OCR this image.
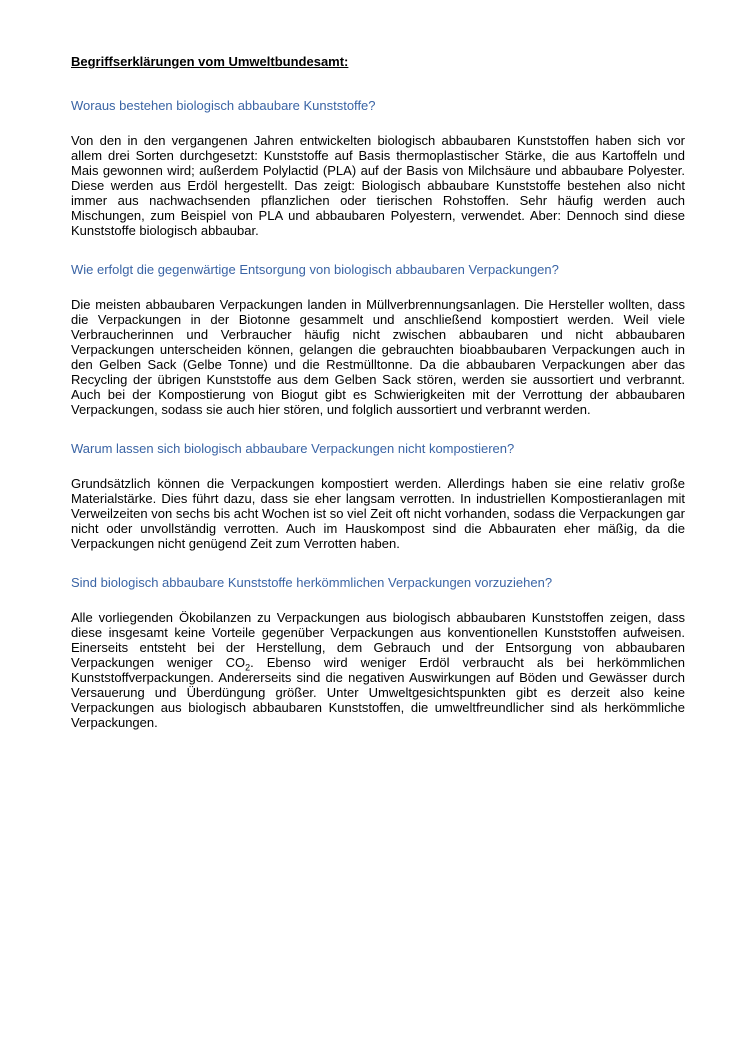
Begriffserklärungen vom Umweltbundesamt:

Woraus bestehen biologisch abbaubare Kunststoffe?

Von den in den vergangenen Jahren entwickelten biologisch abbaubaren Kunststoffen haben sich vor allem drei Sorten durchgesetzt: Kunststoffe auf Basis thermoplastischer Stärke, die aus Kartoffeln und Mais gewonnen wird; außerdem Polylactid (PLA) auf der Basis von Milchsäure und abbaubare Polyester. Diese werden aus Erdöl hergestellt. Das zeigt: Biologisch abbaubare Kunststoffe bestehen also nicht immer aus nachwachsenden pflanzlichen oder tierischen Rohstoffen. Sehr häufig werden auch Mischungen, zum Beispiel von PLA und abbaubaren Polyestern, verwendet. Aber: Dennoch sind diese Kunststoffe biologisch abbaubar.

Wie erfolgt die gegenwärtige Entsorgung von biologisch abbaubaren Verpackungen?

Die meisten abbaubaren Verpackungen landen in Müllverbrennungsanlagen. Die Hersteller wollten, dass die Verpackungen in der Biotonne gesammelt und anschließend kompostiert werden. Weil viele Verbraucherinnen und Verbraucher häufig nicht zwischen abbaubaren und nicht abbaubaren Verpackungen unterscheiden können, gelangen die gebrauchten bioabbaubaren Verpackungen auch in den Gelben Sack (Gelbe Tonne) und die Restmülltonne. Da die abbaubaren Verpackungen aber das Recycling der übrigen Kunststoffe aus dem Gelben Sack stören, werden sie aussortiert und verbrannt. Auch bei der Kompostierung von Biogut gibt es Schwierigkeiten mit der Verrottung der abbaubaren Verpackungen, sodass sie auch hier stören, und folglich aussortiert und verbrannt werden.

Warum lassen sich biologisch abbaubare Verpackungen nicht kompostieren?

Grundsätzlich können die Verpackungen kompostiert werden. Allerdings haben sie eine relativ große Materialstärke. Dies führt dazu, dass sie eher langsam verrotten. In industriellen Kompostieranlagen mit Verweilzeiten von sechs bis acht Wochen ist so viel Zeit oft nicht vorhanden, sodass die Verpackungen gar nicht oder unvollständig verrotten. Auch im Hauskompost sind die Abbauraten eher mäßig, da die Verpackungen nicht genügend Zeit zum Verrotten haben.

Sind biologisch abbaubare Kunststoffe herkömmlichen Verpackungen vorzuziehen?

Alle vorliegenden Ökobilanzen zu Verpackungen aus biologisch abbaubaren Kunststoffen zeigen, dass diese insgesamt keine Vorteile gegenüber Verpackungen aus konventionellen Kunststoffen aufweisen. Einerseits entsteht bei der Herstellung, dem Gebrauch und der Entsorgung von abbaubaren Verpackungen weniger $CO_2$. Ebenso wird weniger Erdöl verbraucht als bei herkömmlichen Kunststoffverpackungen. Andererseits sind die negativen Auswirkungen auf Böden und Gewässer durch Versauerung und Überdüngung größer. Unter Umweltgesichtspunkten gibt es derzeit also keine Verpackungen aus biologisch abbaubaren Kunststoffen, die umweltfreundlicher sind als herkömmliche Verpackungen.
